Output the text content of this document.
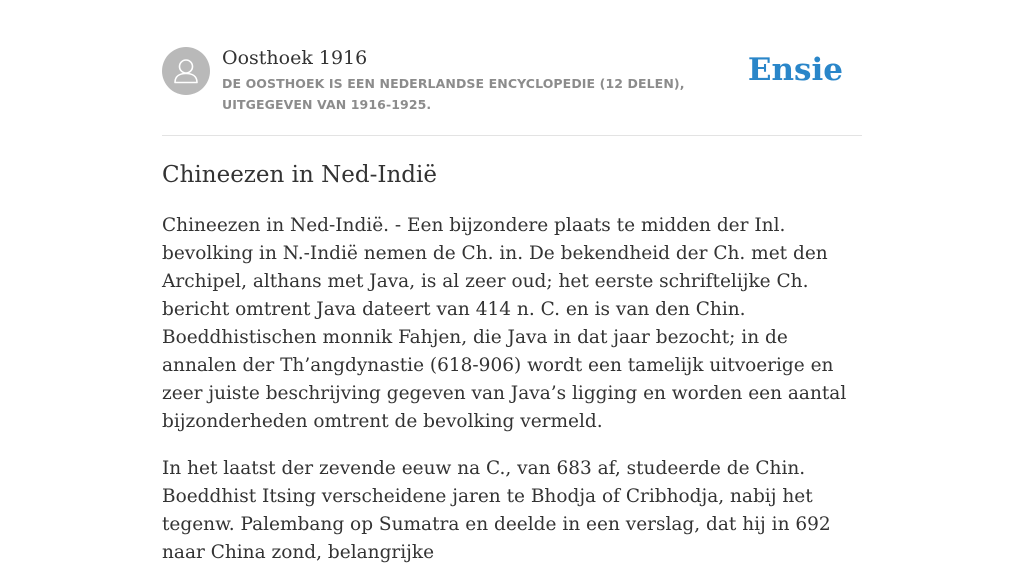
Oosthoek 1916
DE OOSTHOEK IS EEN NEDERLANDSE ENCYCLOPEDIE (12 DELEN), UITGEGEVEN VAN 1916-1925.
Ensie
Chineezen in Ned-Indië

Chineezen in Ned-Indië. - Een bijzondere plaats te midden der Inl. bevolking in N.-Indië nemen de Ch. in. De bekendheid der Ch. met den Archipel, althans met Java, is al zeer oud; het eerste schriftelijke Ch. bericht omtrent Java dateert van 414 n. C. en is van den Chin. Boeddhistischen monnik Fahjen, die Java in dat jaar bezocht; in de annalen der Th’angdynastie (618-906) wordt een tamelijk uitvoerige en zeer juiste beschrijving gegeven van Java’s ligging en worden een aantal bijzonderheden omtrent de bevolking vermeld.

In het laatst der zevende eeuw na C., van 683 af, studeerde de Chin. Boeddhist Itsing verscheidene jaren te Bhodja of Cribhodja, nabij het tegenw. Palembang op Sumatra en deelde in een verslag, dat hij in 692 naar China zond, belangrijke
